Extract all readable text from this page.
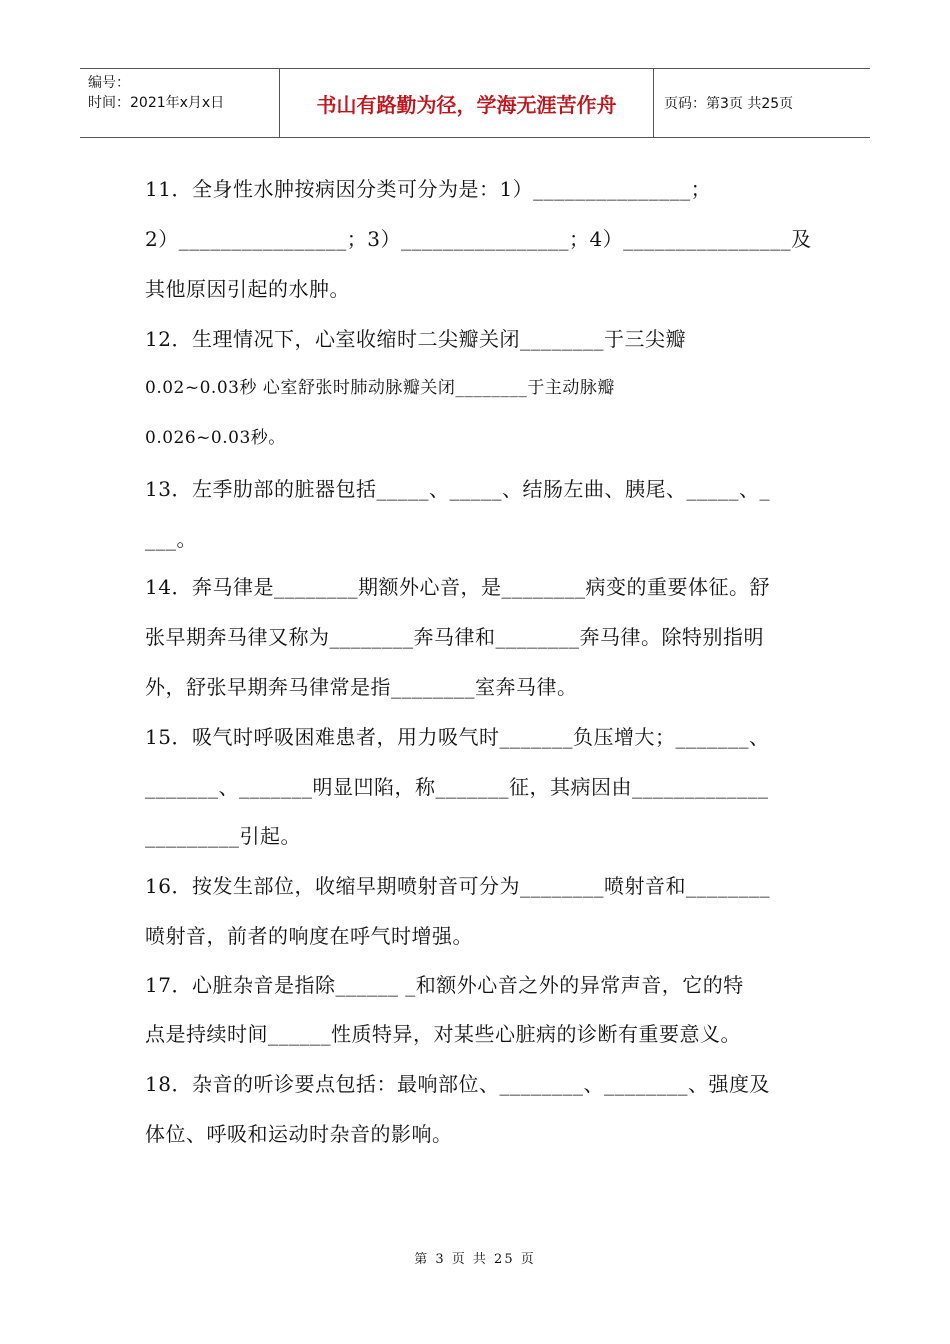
编号：
时间：2021年x月x日	书山有路勤为径，学海无涯苦作舟	页码：第3页 共25页
11．全身性水肿按病因分类可分为是：1）_______________；
2）________________；3）________________；4）________________及
其他原因引起的水肿。
12．生理情况下，心室收缩时二尖瓣关闭________于三尖瓣
0.02~0.03秒 心室舒张时肺动脉瓣关闭________于主动脉瓣
0.026~0.03秒。
13．左季肋部的脏器包括_____、_____、结肠左曲、胰尾、_____、_
___。
14．奔马律是________期额外心音，是________病变的重要体征。舒
张早期奔马律又称为________奔马律和________奔马律。除特别指明
外，舒张早期奔马律常是指________室奔马律。
15．吸气时呼吸困难患者，用力吸气时_______负压增大；_______、
_______、_______明显凹陷，称_______征，其病因由_____________
_________引起。
16．按发生部位，收缩早期喷射音可分为________喷射音和________
喷射音，前者的响度在呼气时增强。
17．心脏杂音是指除______ _和额外心音之外的异常声音，它的特
点是持续时间______性质特异，对某些心脏病的诊断有重要意义。
18．杂音的听诊要点包括：最响部位、________、________、强度及
体位、呼吸和运动时杂音的影响。
第 3 页 共 25 页
